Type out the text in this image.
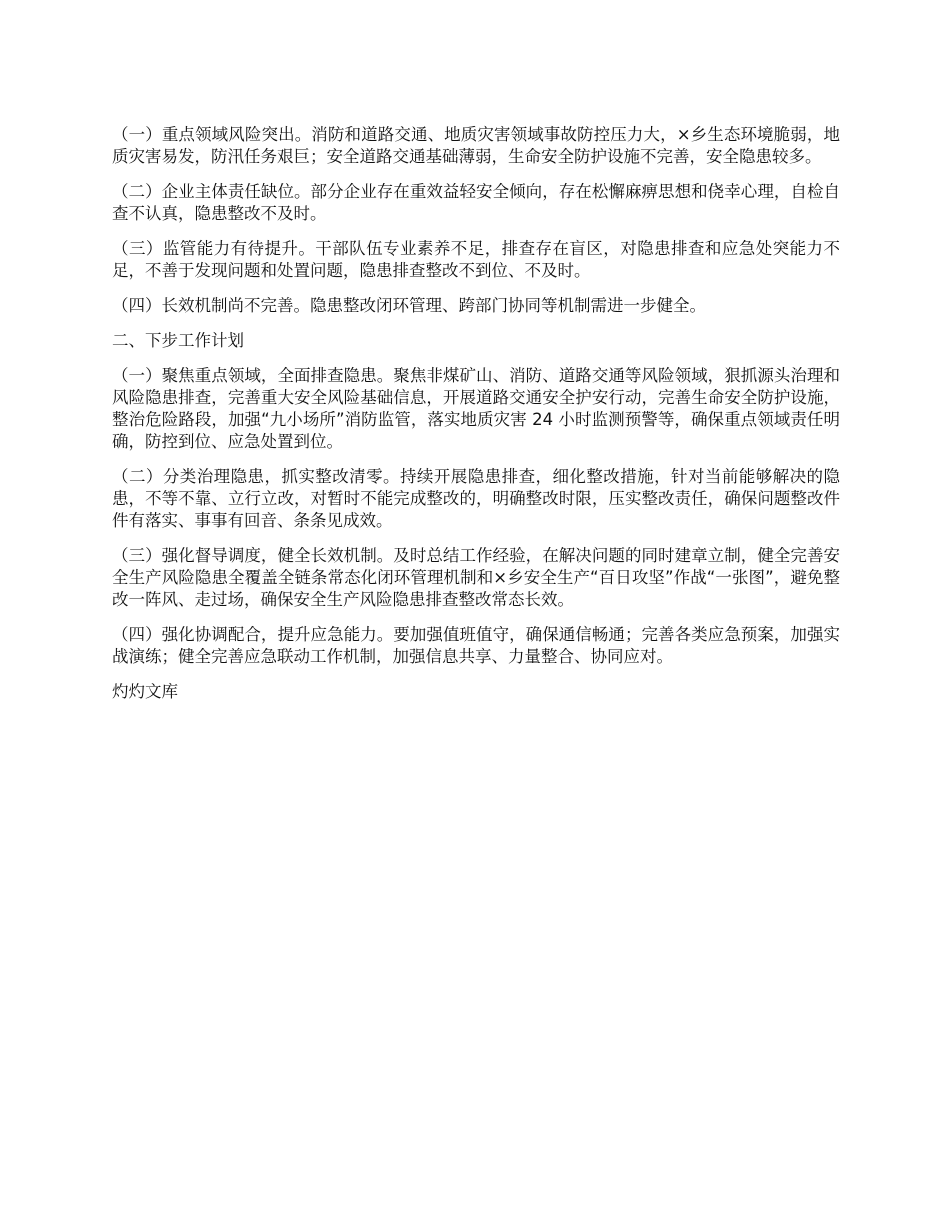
（一）重点领域风险突出。消防和道路交通、地质灾害领域事故防控压力大，×乡生态环境脆弱，地质灾害易发，防汛任务艰巨；安全道路交通基础薄弱，生命安全防护设施不完善，安全隐患较多。

（二）企业主体责任缺位。部分企业存在重效益轻安全倾向，存在松懈麻痹思想和侥幸心理，自检自查不认真，隐患整改不及时。

（三）监管能力有待提升。干部队伍专业素养不足，排查存在盲区，对隐患排查和应急处突能力不足，不善于发现问题和处置问题，隐患排查整改不到位、不及时。

（四）长效机制尚不完善。隐患整改闭环管理、跨部门协同等机制需进一步健全。

二、下步工作计划

（一）聚焦重点领域，全面排查隐患。聚焦非煤矿山、消防、道路交通等风险领域，狠抓源头治理和风险隐患排查，完善重大安全风险基础信息，开展道路交通安全护安行动，完善生命安全防护设施，整治危险路段，加强“九小场所”消防监管，落实地质灾害 24 小时监测预警等，确保重点领域责任明确，防控到位、应急处置到位。

（二）分类治理隐患，抓实整改清零。持续开展隐患排查，细化整改措施，针对当前能够解决的隐患，不等不靠、立行立改，对暂时不能完成整改的，明确整改时限，压实整改责任，确保问题整改件件有落实、事事有回音、条条见成效。

（三）强化督导调度，健全长效机制。及时总结工作经验，在解决问题的同时建章立制，健全完善安全生产风险隐患全覆盖全链条常态化闭环管理机制和×乡安全生产“百日攻坚”作战“一张图”，避免整改一阵风、走过场，确保安全生产风险隐患排查整改常态长效。

（四）强化协调配合，提升应急能力。要加强值班值守，确保通信畅通；完善各类应急预案，加强实战演练；健全完善应急联动工作机制，加强信息共享、力量整合、协同应对。

灼灼文库
